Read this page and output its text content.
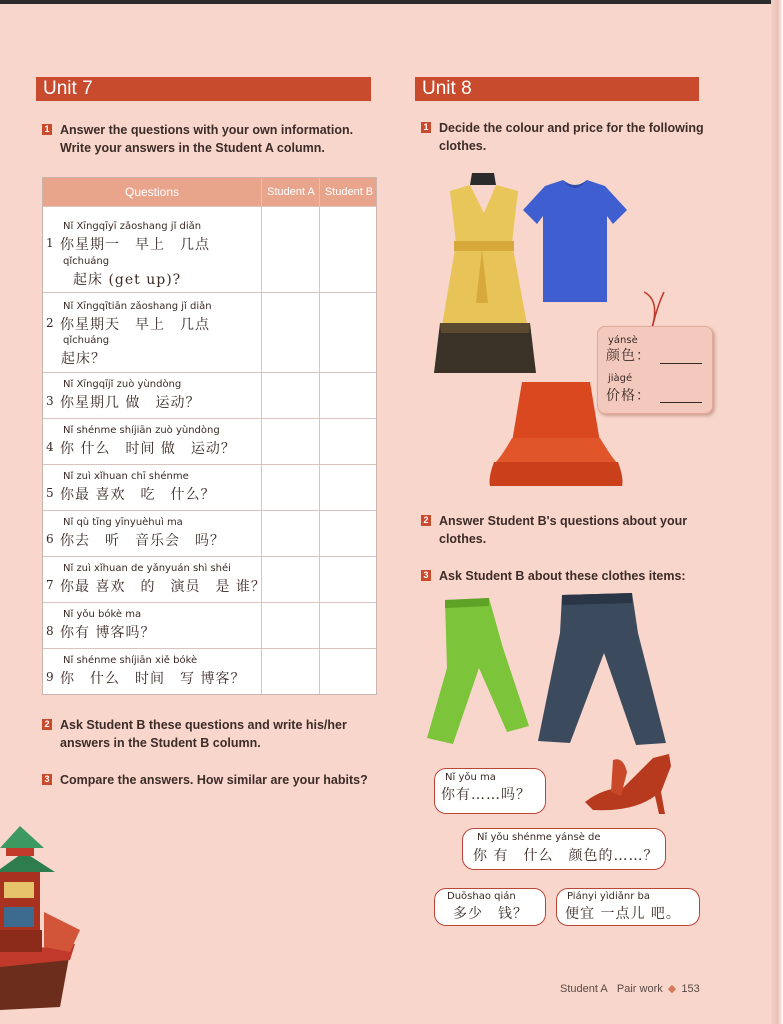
Unit 7
1 Answer the questions with your own information.
Write your answers in the Student A column.
Questions	Student A Student B
Nǐ Xīngqīyī zǎoshang jǐ diǎn
1 你星期一　早上　几点
qǐchuáng
起床 (get up)?
Nǐ Xīngqītiān zǎoshang jǐ diǎn
2 你星期天　早上　几点
qǐchuáng
起床？
Nǐ Xīngqījǐ zuò yùndòng
3 你星期几 做　运动？
Nǐ shénme shíjiān zuò yùndòng
4 你 什么　时间 做　运动？
Nǐ zuì xǐhuan chī shénme
5 你最 喜欢　吃　什么？
Nǐ qù tīng yīnyuèhuì ma
6 你去　听　音乐会　吗？
Nǐ zuì xǐhuan de yǎnyuán shì shéi
7 你最 喜欢　的　演员　是 谁？
Nǐ yǒu bókè ma
8 你有 博客吗？
Nǐ shénme shíjiān xiě bókè
9 你　什么　时间　写 博客？
2 Ask Student B these questions and write his/her
answers in the Student B column.
3 Compare the answers. How similar are your habits?
Unit 8
1 Decide the colour and price for the following
clothes.
yánsè
颜色：
jiàgé
价格：
2 Answer Student B's questions about your
clothes.
3 Ask Student B about these clothes items:
Nǐ yǒu ma
你有……吗？
Nǐ yǒu shénme yánsè de
你 有　什么　颜色的……？
Duōshao qián
多少　钱？
Piányi yìdiǎnr ba
便宜 一点儿 吧。
Student A Pair work ◆ 153
